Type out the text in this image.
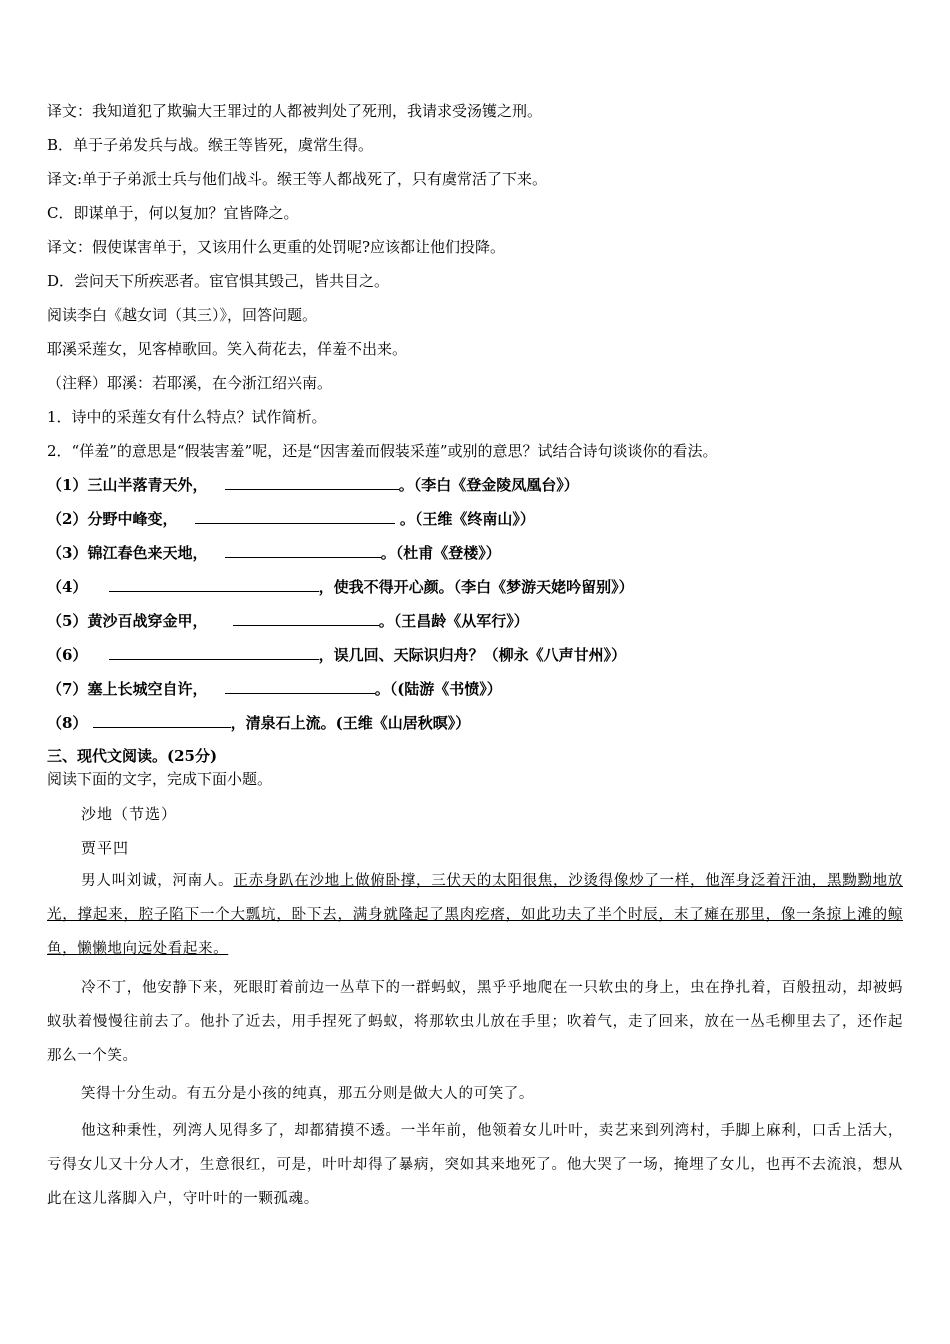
译文：我知道犯了欺骗大王罪过的人都被判处了死刑，我请求受汤镬之刑。
B．单于子弟发兵与战。缑王等皆死，虞常生得。
译文:单于子弟派士兵与他们战斗。缑王等人都战死了，只有虞常活了下来。
C．即谋单于，何以复加？宜皆降之。
译文：假使谋害单于，又该用什么更重的处罚呢?应该都让他们投降。
D．尝问天下所疾恶者。宦官惧其毁己，皆共目之。
阅读李白《越女词（其三）》，回答问题。
耶溪采莲女，见客棹歌回。笑入荷花去，佯羞不出来。
（注释）耶溪：若耶溪，在今浙江绍兴南。
1．诗中的采莲女有什么特点？试作简析。
2．“佯羞”的意思是“假装害羞”呢，还是“因害羞而假装采莲”或别的意思？试结合诗句谈谈你的看法。
（1）三山半落青天外，	。（李白《登金陵凤凰台》）
（2）分野中峰变，	。（王维《终南山》）
（3）锦江春色来天地，	。（杜甫《登楼》）
（4）	，使我不得开心颜。（李白《梦游天姥吟留别》）
（5）黄沙百战穿金甲，	。（王昌龄《从军行》）
（6）	，误几回、天际识归舟？（柳永《八声甘州》）
（7）塞上长城空自许，	。（(陆游《书愤》）
（8）	，清泉石上流。(王维《山居秋暝》）
三、现代文阅读。(25分)
阅读下面的文字，完成下面小题。
沙地（节选）
贾平凹
男人叫刘诚，河南人。正赤身趴在沙地上做俯卧撑，三伏天的太阳很焦，沙烫得像炒了一样，他浑身泛着汗油，黑黝黝地放光，撑起来，腔子陷下一个大瓢坑，卧下去，满身就隆起了黑肉疙瘩，如此功夫了半个时辰，末了瘫在那里，像一条掠上滩的鲸鱼，懒懒地向远处看起来。
冷不丁，他安静下来，死眼盯着前边一丛草下的一群蚂蚁，黑乎乎地爬在一只软虫的身上，虫在挣扎着，百般扭动，却被蚂蚁驮着慢慢往前去了。他扑了近去，用手捏死了蚂蚁，将那软虫儿放在手里；吹着气，走了回来，放在一丛毛柳里去了，还作起那么一个笑。
笑得十分生动。有五分是小孩的纯真，那五分则是做大人的可笑了。
他这种秉性，列湾人见得多了，却都猜摸不透。一半年前，他领着女儿叶叶，卖艺来到列湾村，手脚上麻利，口舌上活大，亏得女儿又十分人才，生意很红，可是，叶叶却得了暴病，突如其来地死了。他大哭了一场，掩埋了女儿，也再不去流浪，想从此在这儿落脚入户，守叶叶的一颗孤魂。
